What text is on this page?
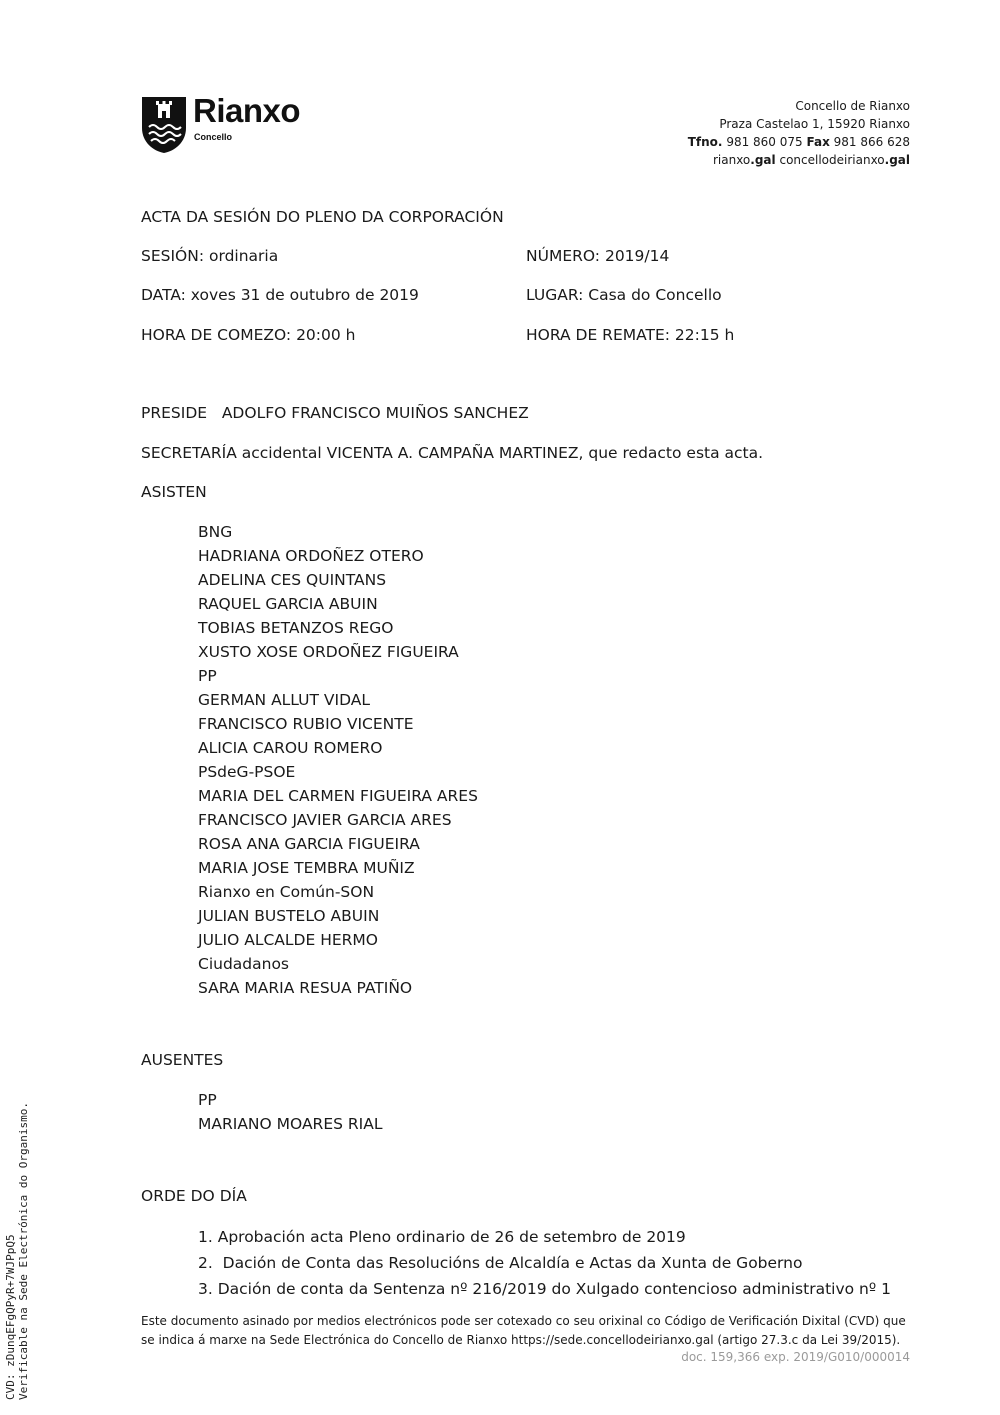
Rianxo
Concello
Concello de Rianxo
Praza Castelao 1, 15920 Rianxo
Tfno. 981 860 075 Fax 981 866 628
rianxo.gal concellodeirianxo.gal
ACTA DA SESIÓN DO PLENO DA CORPORACIÓN
SESIÓN: ordinaria	NÚMERO: 2019/14
DATA: xoves 31 de outubro de 2019	LUGAR: Casa do Concello
HORA DE COMEZO: 20:00 h	HORA DE REMATE: 22:15 h
PRESIDE   ADOLFO FRANCISCO MUIÑOS SANCHEZ
SECRETARÍA accidental VICENTA A. CAMPAÑA MARTINEZ, que redacto esta acta.
ASISTEN
BNG
HADRIANA ORDOÑEZ OTERO
ADELINA CES QUINTANS
RAQUEL GARCIA ABUIN
TOBIAS BETANZOS REGO
XUSTO XOSE ORDOÑEZ FIGUEIRA
PP
GERMAN ALLUT VIDAL
FRANCISCO RUBIO VICENTE
ALICIA CAROU ROMERO
PSdeG-PSOE
MARIA DEL CARMEN FIGUEIRA ARES
FRANCISCO JAVIER GARCIA ARES
ROSA ANA GARCIA FIGUEIRA
MARIA JOSE TEMBRA MUÑIZ
Rianxo en Común-SON
JULIAN BUSTELO ABUIN
JULIO ALCALDE HERMO
Ciudadanos
SARA MARIA RESUA PATIÑO
AUSENTES
PP
MARIANO MOARES RIAL
ORDE DO DÍA
1. Aprobación acta Pleno ordinario de 26 de setembro de 2019
2.  Dación de Conta das Resolucións de Alcaldía e Actas da Xunta de Goberno
3. Dación de conta da Sentenza nº 216/2019 do Xulgado contencioso administrativo nº 1
Este documento asinado por medios electrónicos pode ser cotexado co seu orixinal co Código de Verificación Dixital (CVD) que
se indica á marxe na Sede Electrónica do Concello de Rianxo https://sede.concellodeirianxo.gal (artigo 27.3.c da Lei 39/2015).
doc. 159,366 exp. 2019/G010/000014
CVD: zDunqEFgQPyR+7WJPpQ5 Verificable na Sede Electrónica do Organismo.
